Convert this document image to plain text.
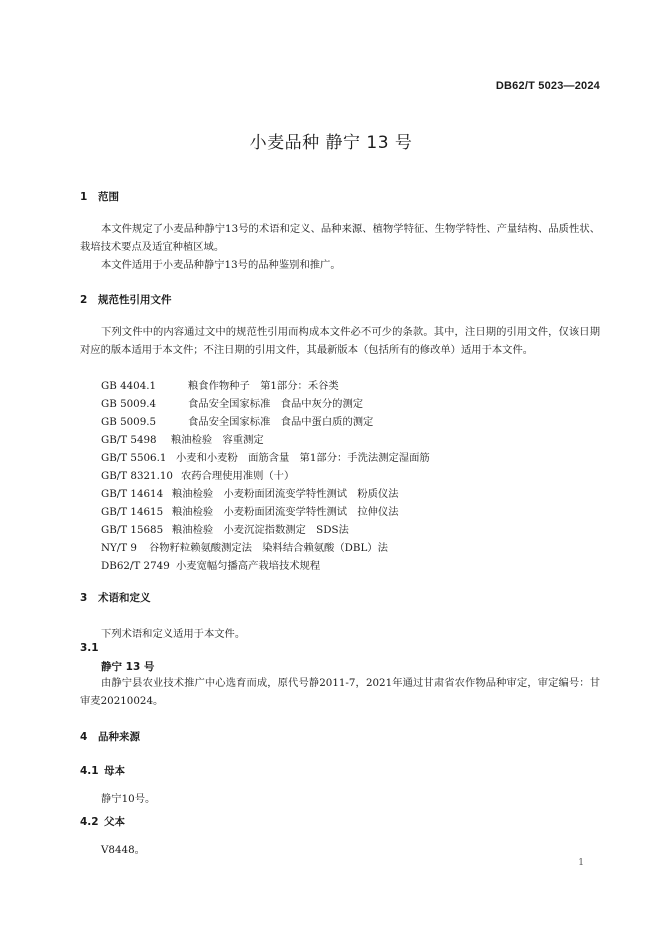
DB62/T 5023—2024
小麦品种 静宁 13 号
1 范围
本文件规定了小麦品种静宁13号的术语和定义、品种来源、植物学特征、生物学特性、产量结构、品质性状、栽培技术要点及适宜种植区域。
本文件适用于小麦品种静宁13号的品种鉴别和推广。
2 规范性引用文件
下列文件中的内容通过文中的规范性引用而构成本文件必不可少的条款。其中，注日期的引用文件，仅该日期对应的版本适用于本文件；不注日期的引用文件，其最新版本（包括所有的修改单）适用于本文件。
GB 4404.1	粮食作物种子　第1部分：禾谷类
GB 5009.4	食品安全国家标准　食品中灰分的测定
GB 5009.5	食品安全国家标准　食品中蛋白质的测定
GB/T 5498 粮油检验　容重测定
GB/T 5506.1 小麦和小麦粉　面筋含量　第1部分：手洗法测定湿面筋
GB/T 8321.10 农药合理使用准则（十）
GB/T 14614 粮油检验　小麦粉面团流变学特性测试　粉质仪法
GB/T 14615 粮油检验　小麦粉面团流变学特性测试　拉伸仪法
GB/T 15685 粮油检验　小麦沉淀指数测定　SDS法
NY/T 9 谷物籽粒赖氨酸测定法　染料结合赖氨酸（DBL）法
DB62/T 2749 小麦宽幅匀播高产栽培技术规程
3 术语和定义
下列术语和定义适用于本文件。
3.1
静宁 13 号
由静宁县农业技术推广中心选育而成，原代号静2011-7，2021年通过甘肃省农作物品种审定，审定编号：甘审麦20210024。
4 品种来源
4.1 母本
静宁10号。
4.2 父本
V8448。
1
